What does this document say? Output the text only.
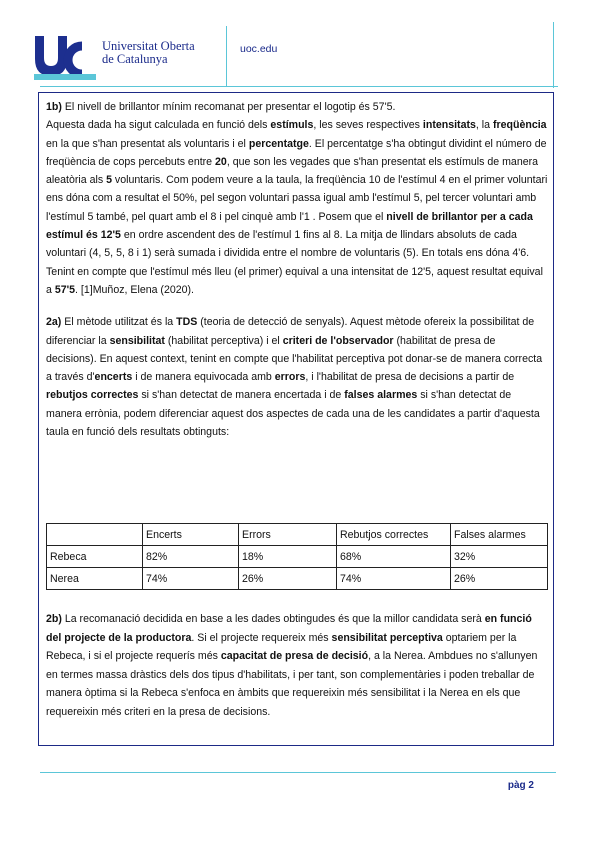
Universitat Oberta
de Catalunya
uoc.edu

1b) El nivell de brillantor mínim recomanat per presentar el logotip és 57'5.
Aquesta dada ha sigut calculada en funció dels estímuls, les seves respectives intensitats, la freqüència en la que s'han presentat als voluntaris i el percentatge. El percentatge s'ha obtingut dividint el número de freqüència de cops percebuts entre 20, que son les vegades que s'han presentat els estímuls de manera aleatòria als 5 voluntaris. Com podem veure a la taula, la freqüència 10 de l'estímul 4 en el primer voluntari ens dóna com a resultat el 50%, pel segon voluntari passa igual amb l'estímul 5, pel tercer voluntari amb l'estímul 5 també, pel quart amb el 8 i pel cinquè amb l'1 . Posem que el nivell de brillantor per a cada estímul és 12'5 en ordre ascendent des de l'estímul 1 fins al 8. La mitja de llindars absoluts de cada voluntari (4, 5, 5, 8 i 1) serà sumada i dividida entre el nombre de voluntaris (5). En totals ens dóna 4'6. Tenint en compte que l'estímul més lleu (el primer) equival a una intensitat de 12'5, aquest resultat equival a 57'5. [1]Muñoz, Elena (2020).

2a) El mètode utilitzat és la TDS (teoria de detecció de senyals). Aquest mètode ofereix la possibilitat de diferenciar la sensibilitat (habilitat perceptiva) i el criteri de l'observador (habilitat de presa de decisions). En aquest context, tenint en compte que l'habilitat perceptiva pot donar-se de manera correcta a través d'encerts i de manera equivocada amb errors, i l'habilitat de presa de decisions a partir de rebutjos correctes si s'han detectat de manera encertada i de falses alarmes si s'han detectat de manera errònia, podem diferenciar aquest dos aspectes de cada una de les candidates a partir d'aquesta taula en funció dels resultats obtinguts:

	Encerts	Errors	Rebutjos correctes	Falses alarmes
Rebeca	82%	18%	68%	32%
Nerea	74%	26%	74%	26%

2b) La recomanació decidida en base a les dades obtingudes és que la millor candidata serà en funció del projecte de la productora. Si el projecte requereix més sensibilitat perceptiva optariem per la Rebeca, i si el projecte requerís més capacitat de presa de decisió, a la Nerea. Ambdues no s'allunyen en termes massa dràstics dels dos tipus d'habilitats, i per tant, son complementàries i poden treballar de manera òptima si la Rebeca s'enfoca en àmbits que requereixin més sensibilitat i la Nerea en els que requereixin més criteri en la presa de decisions.

pàg 2
